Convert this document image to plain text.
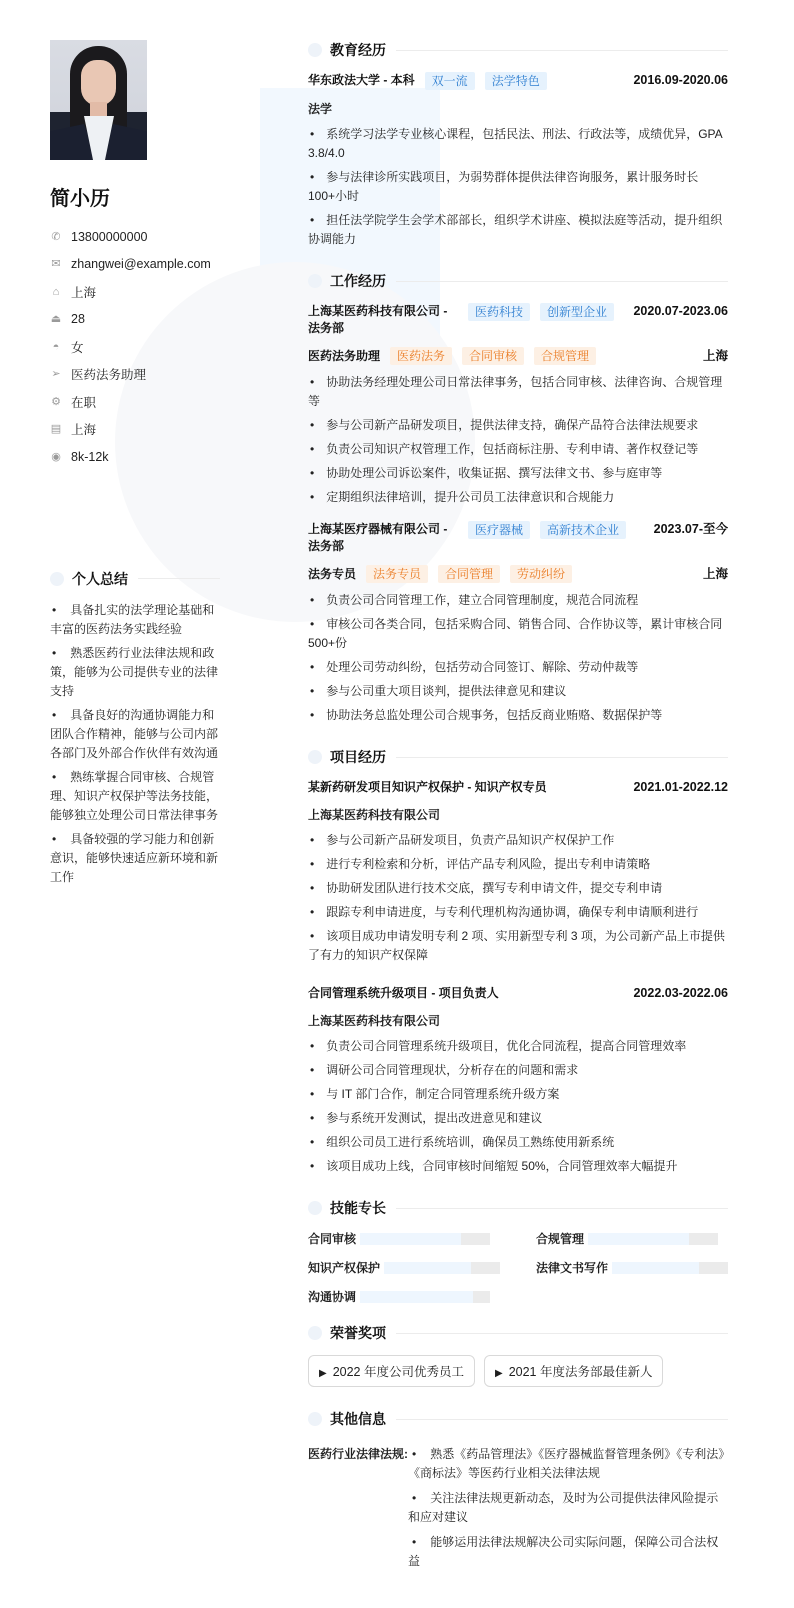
简小历
✆ 13800000000
✉ zhangwei@example.com
⌂ 上海
⏏ 28
◓ 女
➢ 医药法务助理
⚙ 在职
▤ 上海
◉ 8k-12k
个人总结
• 具备扎实的法学理论基础和丰富的医药法务实践经验
• 熟悉医药行业法律法规和政策，能够为公司提供专业的法律支持
• 具备良好的沟通协调能力和团队合作精神，能够与公司内部各部门及外部合作伙伴有效沟通
• 熟练掌握合同审核、合规管理、知识产权保护等法务技能，能够独立处理公司日常法律事务
• 具备较强的学习能力和创新意识，能够快速适应新环境和新工作
教育经历
华东政法大学 - 本科	双一流	法学特色	2016.09-2020.06
法学
• 系统学习法学专业核心课程，包括民法、刑法、行政法等，成绩优异，GPA 3.8/4.0
• 参与法律诊所实践项目，为弱势群体提供法律咨询服务，累计服务时长 100+小时
• 担任法学院学生会学术部部长，组织学术讲座、模拟法庭等活动，提升组织协调能力
工作经历
上海某医药科技有限公司 - 法务部
医药科技	创新型企业	2020.07-2023.06
医药法务助理	医药法务	合同审核	合规管理	上海
• 协助法务经理处理公司日常法律事务，包括合同审核、法律咨询、合规管理等
• 参与公司新产品研发项目，提供法律支持，确保产品符合法律法规要求
• 负责公司知识产权管理工作，包括商标注册、专利申请、著作权登记等
• 协助处理公司诉讼案件，收集证据、撰写法律文书、参与庭审等
• 定期组织法律培训，提升公司员工法律意识和合规能力
上海某医疗器械有限公司 - 法务部
医疗器械	高新技术企业	2023.07-至今
法务专员	法务专员	合同管理	劳动纠纷	上海
• 负责公司合同管理工作，建立合同管理制度，规范合同流程
• 审核公司各类合同，包括采购合同、销售合同、合作协议等，累计审核合同 500+份
• 处理公司劳动纠纷，包括劳动合同签订、解除、劳动仲裁等
• 参与公司重大项目谈判，提供法律意见和建议
• 协助法务总监处理公司合规事务，包括反商业贿赂、数据保护等
项目经历
某新药研发项目知识产权保护 - 知识产权专员	2021.01-2022.12
上海某医药科技有限公司
• 参与公司新产品研发项目，负责产品知识产权保护工作
• 进行专利检索和分析，评估产品专利风险，提出专利申请策略
• 协助研发团队进行技术交底，撰写专利申请文件，提交专利申请
• 跟踪专利申请进度，与专利代理机构沟通协调，确保专利申请顺利进行
• 该项目成功申请发明专利 2 项、实用新型专利 3 项，为公司新产品上市提供了有力的知识产权保障
合同管理系统升级项目 - 项目负责人	2022.03-2022.06
上海某医药科技有限公司
• 负责公司合同管理系统升级项目，优化合同流程，提高合同管理效率
• 调研公司合同管理现状，分析存在的问题和需求
• 与 IT 部门合作，制定合同管理系统升级方案
• 参与系统开发测试，提出改进意见和建议
• 组织公司员工进行系统培训，确保员工熟练使用新系统
• 该项目成功上线，合同审核时间缩短 50%，合同管理效率大幅提升
技能专长
合同审核	合规管理
知识产权保护	法律文书写作
沟通协调
荣誉奖项
▶ 2022 年度公司优秀员工	▶ 2021 年度法务部最佳新人
其他信息
医药行业法律法规:	• 熟悉《药品管理法》《医疗器械监督管理条例》《专利法》《商标法》等医药行业相关法律法规
• 关注法律法规更新动态，及时为公司提供法律风险提示和应对建议
• 能够运用法律法规解决公司实际问题，保障公司合法权益
